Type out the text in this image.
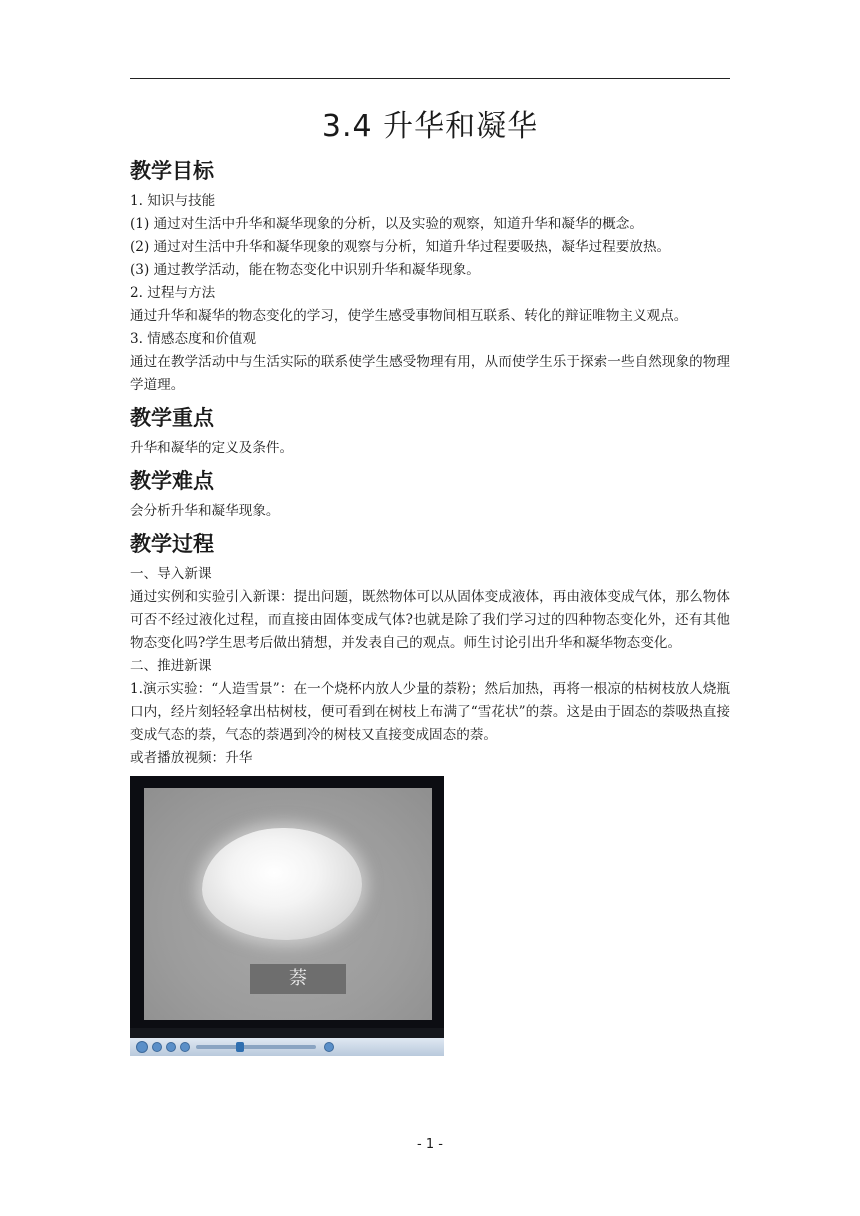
3.4 升华和凝华
教学目标

1. 知识与技能

(1) 通过对生活中升华和凝华现象的分析，以及实验的观察，知道升华和凝华的概念。

(2) 通过对生活中升华和凝华现象的观察与分析，知道升华过程要吸热，凝华过程要放热。

(3) 通过教学活动，能在物态变化中识别升华和凝华现象。

2. 过程与方法

通过升华和凝华的物态变化的学习，使学生感受事物间相互联系、转化的辩证唯物主义观点。

3. 情感态度和价值观

通过在教学活动中与生活实际的联系使学生感受物理有用，从而使学生乐于探索一些自然现象的物理学道理。

教学重点

升华和凝华的定义及条件。

教学难点

会分析升华和凝华现象。

教学过程

一、导入新课

通过实例和实验引入新课：提出问题，既然物体可以从固体变成液体，再由液体变成气体，那么物体可否不经过液化过程，而直接由固体变成气体?也就是除了我们学习过的四种物态变化外，还有其他物态变化吗?学生思考后做出猜想，并发表自己的观点。师生讨论引出升华和凝华物态变化。

二、推进新课

1.演示实验：“人造雪景”：在一个烧杯内放人少量的萘粉；然后加热，再将一根凉的枯树枝放人烧瓶口内，经片刻轻轻拿出枯树枝，便可看到在树枝上布满了“雪花状”的萘。这是由于固态的萘吸热直接变成气态的萘，气态的萘遇到冷的树枝又直接变成固态的萘。

或者播放视频：升华

萘
- 1 -
